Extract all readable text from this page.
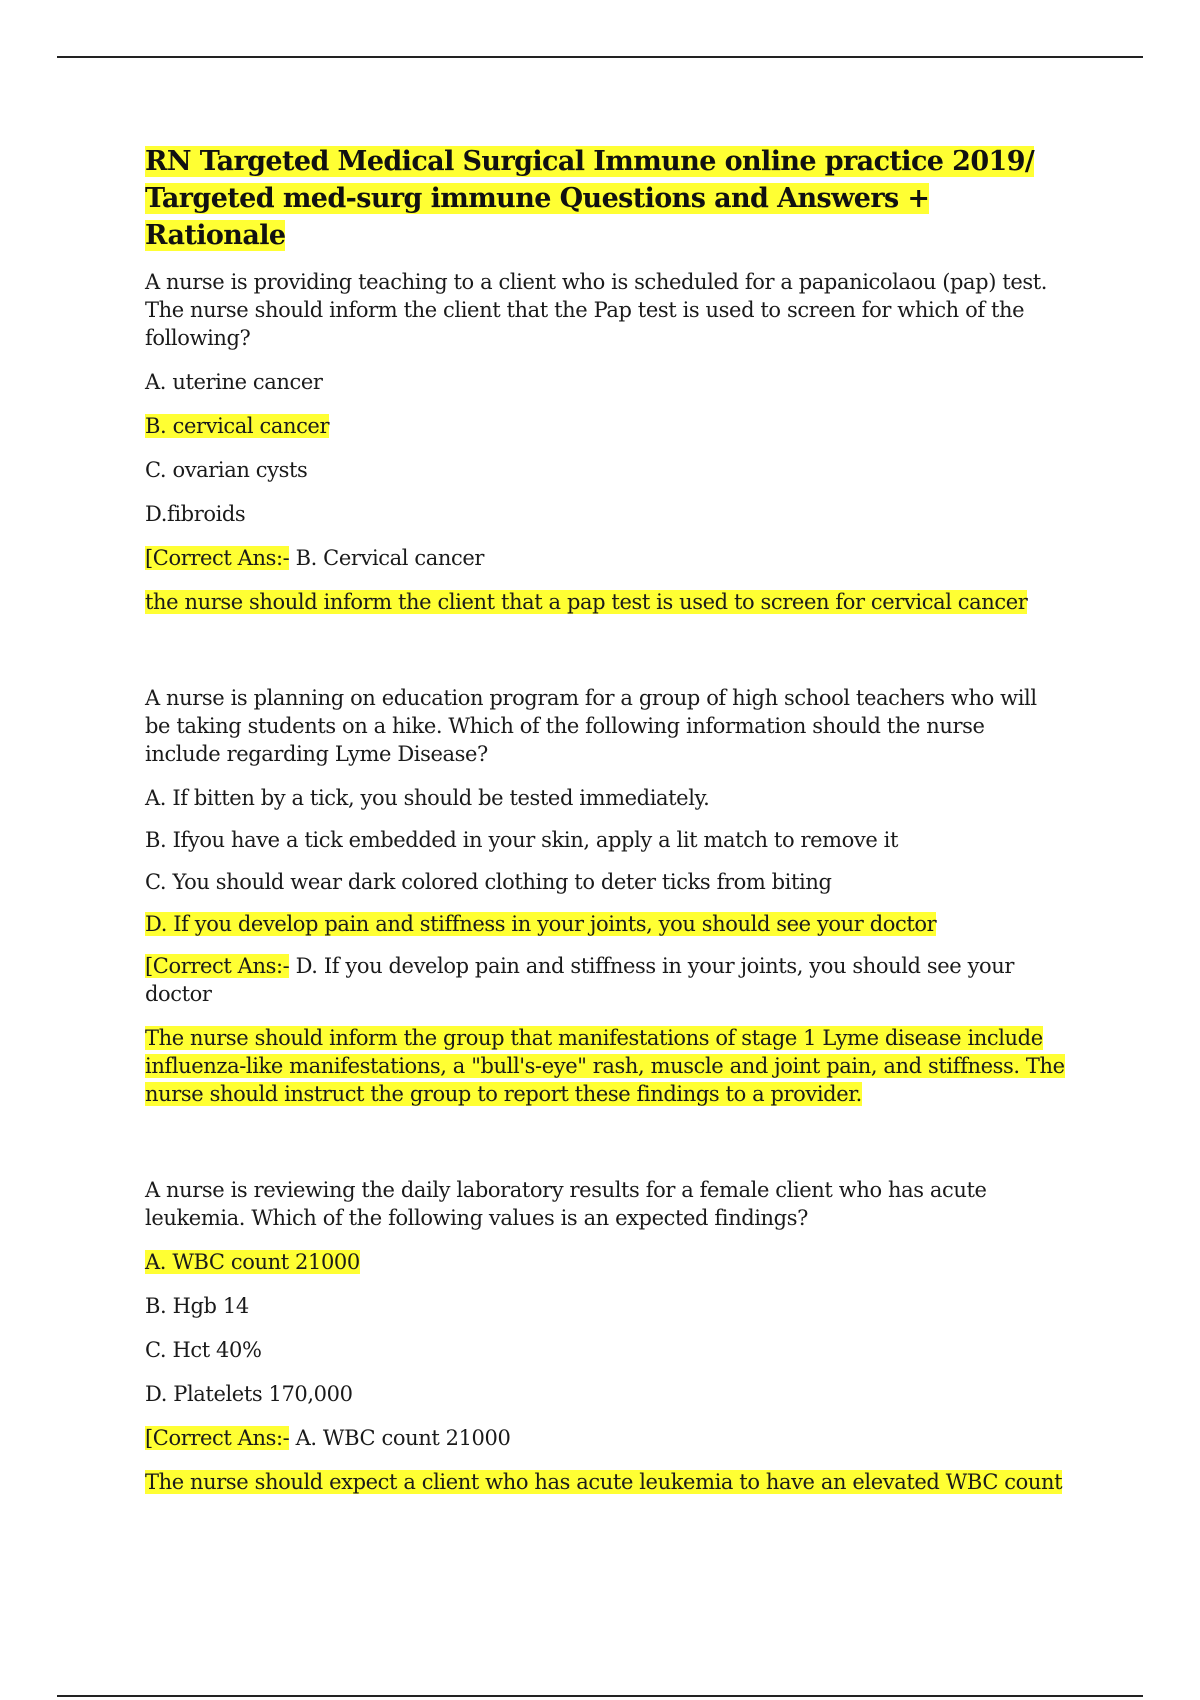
RN Targeted Medical Surgical Immune online practice 2019/
Targeted med-surg immune Questions and Answers + Rationale

A nurse is providing teaching to a client who is scheduled for a papanicolaou (pap) test. The nurse should inform the client that the Pap test is used to screen for which of the following?

A. uterine cancer

B. cervical cancer

C. ovarian cysts

D.fibroids

[Correct Ans:- B. Cervical cancer

the nurse should inform the client that a pap test is used to screen for cervical cancer

A nurse is planning on education program for a group of high school teachers who will be taking students on a hike. Which of the following information should the nurse include regarding Lyme Disease?

A. If bitten by a tick, you should be tested immediately.

B. Ifyou have a tick embedded in your skin, apply a lit match to remove it

C. You should wear dark colored clothing to deter ticks from biting

D. If you develop pain and stiffness in your joints, you should see your doctor

[Correct Ans:- D. If you develop pain and stiffness in your joints, you should see your doctor

The nurse should inform the group that manifestations of stage 1 Lyme disease include influenza-like manifestations, a "bull's-eye" rash, muscle and joint pain, and stiffness. The nurse should instruct the group to report these findings to a provider.

A nurse is reviewing the daily laboratory results for a female client who has acute leukemia. Which of the following values is an expected findings?

A. WBC count 21000

B. Hgb 14

C. Hct 40%

D. Platelets 170,000

[Correct Ans:- A. WBC count 21000

The nurse should expect a client who has acute leukemia to have an elevated WBC count
